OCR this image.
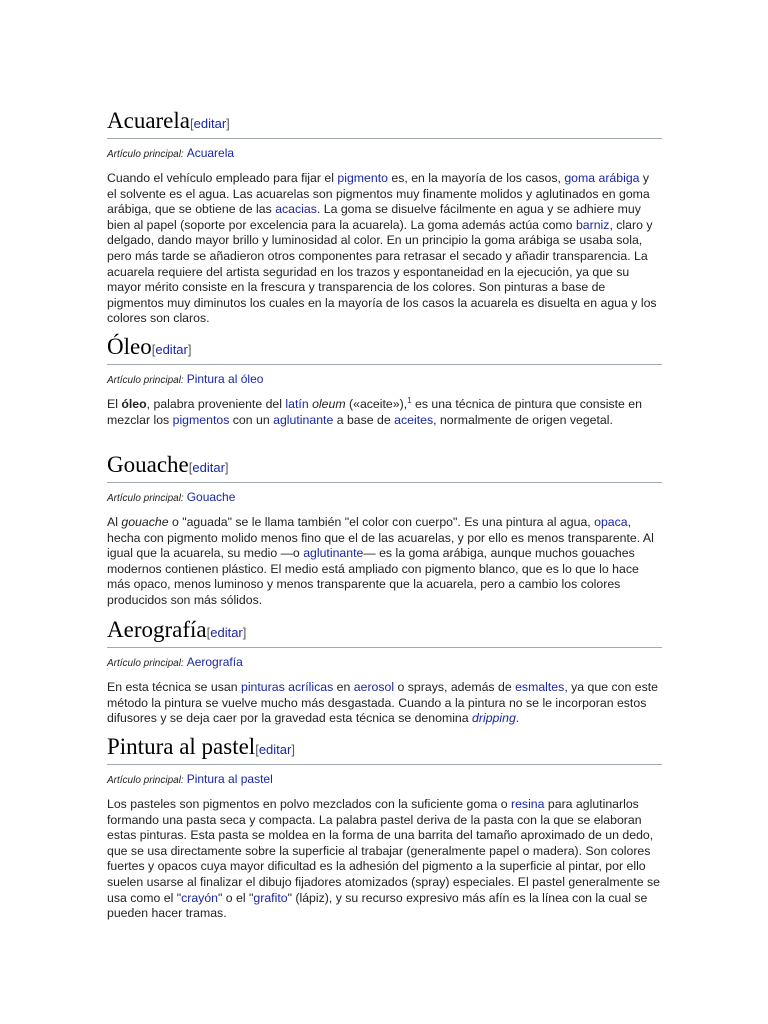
Acuarela[editar]
Artículo principal: Acuarela

Cuando el vehículo empleado para fijar el pigmento es, en la mayoría de los casos, goma arábiga y el solvente es el agua. Las acuarelas son pigmentos muy finamente molidos y aglutinados en goma arábiga, que se obtiene de las acacias. La goma se disuelve fácilmente en agua y se adhiere muy bien al papel (soporte por excelencia para la acuarela). La goma además actúa como barniz, claro y delgado, dando mayor brillo y luminosidad al color. En un principio la goma arábiga se usaba sola, pero más tarde se añadieron otros componentes para retrasar el secado y añadir transparencia. La acuarela requiere del artista seguridad en los trazos y espontaneidad en la ejecución, ya que su mayor mérito consiste en la frescura y transparencia de los colores. Son pinturas a base de pigmentos muy diminutos los cuales en la mayoría de los casos la acuarela es disuelta en agua y los colores son claros.

Óleo[editar]
Artículo principal: Pintura al óleo

El óleo, palabra proveniente del latín oleum («aceite»),$^1$ es una técnica de pintura que consiste en mezclar los pigmentos con un aglutinante a base de aceites, normalmente de origen vegetal.

Gouache[editar]
Artículo principal: Gouache

Al gouache o "aguada" se le llama también "el color con cuerpo". Es una pintura al agua, opaca, hecha con pigmento molido menos fino que el de las acuarelas, y por ello es menos transparente. Al igual que la acuarela, su medio —o aglutinante— es la goma arábiga, aunque muchos gouaches modernos contienen plástico. El medio está ampliado con pigmento blanco, que es lo que lo hace más opaco, menos luminoso y menos transparente que la acuarela, pero a cambio los colores producidos son más sólidos.

Aerografía[editar]
Artículo principal: Aerografía

En esta técnica se usan pinturas acrílicas en aerosol o sprays, además de esmaltes, ya que con este método la pintura se vuelve mucho más desgastada. Cuando a la pintura no se le incorporan estos difusores y se deja caer por la gravedad esta técnica se denomina dripping.

Pintura al pastel[editar]
Artículo principal: Pintura al pastel

Los pasteles son pigmentos en polvo mezclados con la suficiente goma o resina para aglutinarlos formando una pasta seca y compacta. La palabra pastel deriva de la pasta con la que se elaboran estas pinturas. Esta pasta se moldea en la forma de una barrita del tamaño aproximado de un dedo, que se usa directamente sobre la superficie al trabajar (generalmente papel o madera). Son colores fuertes y opacos cuya mayor dificultad es la adhesión del pigmento a la superficie al pintar, por ello suelen usarse al finalizar el dibujo fijadores atomizados (spray) especiales. El pastel generalmente se usa como el "crayón" o el "grafito" (lápiz), y su recurso expresivo más afín es la línea con la cual se pueden hacer tramas.
